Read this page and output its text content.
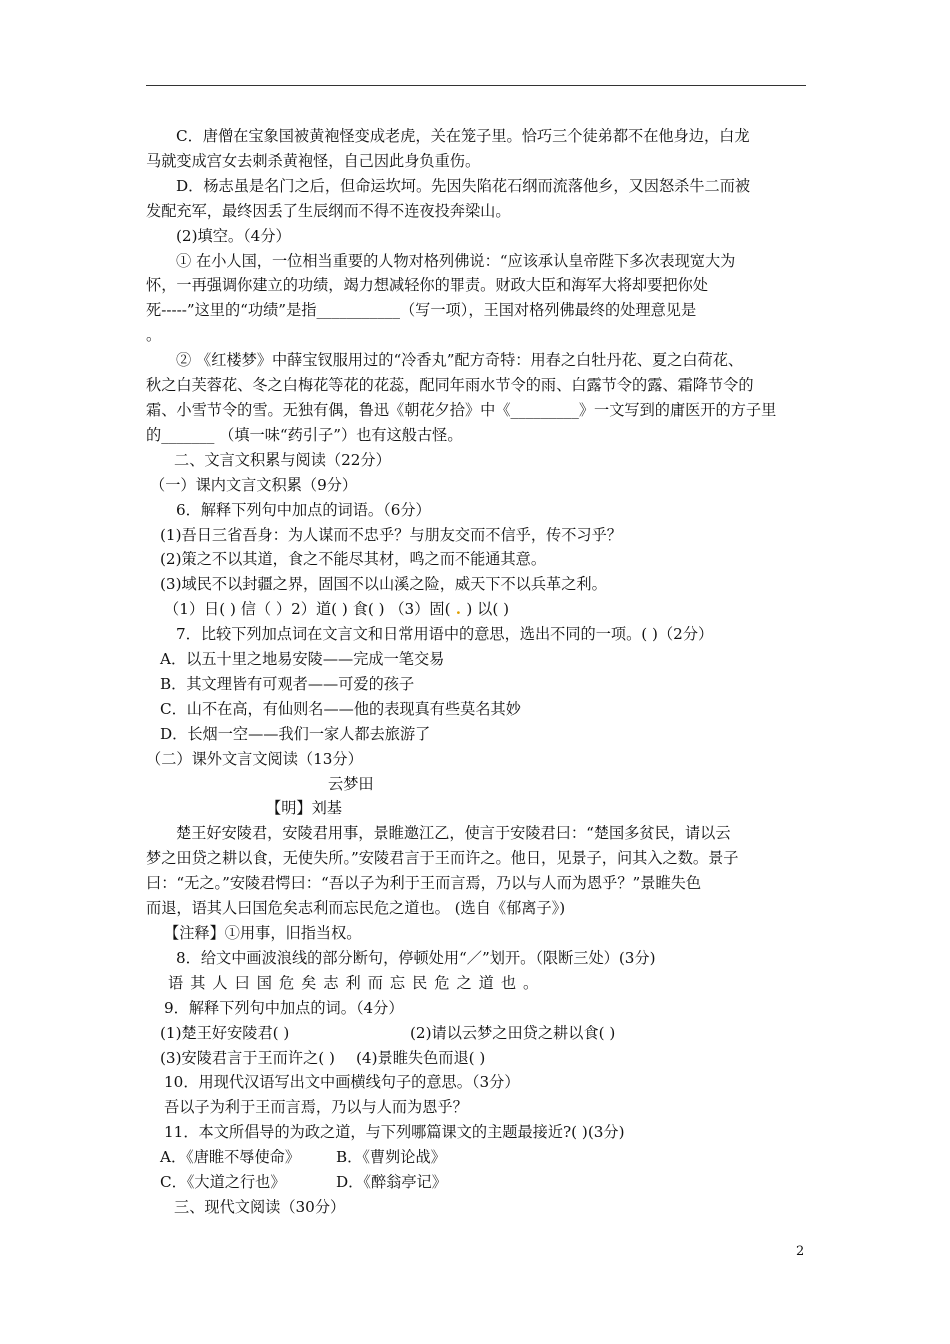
C．唐僧在宝象国被黄袍怪变成老虎，关在笼子里。恰巧三个徒弟都不在他身边，白龙
马就变成宫女去刺杀黄袍怪，自己因此身负重伤。
D．杨志虽是名门之后，但命运坎坷。先因失陷花石纲而流落他乡，又因怒杀牛二而被
发配充军，最终因丢了生辰纲而不得不连夜投奔梁山。
(2)填空。（4分）
① 在小人国，一位相当重要的人物对格列佛说：“应该承认皇帝陛下多次表现宽大为
怀，一再强调你建立的功绩，竭力想减轻你的罪责。财政大臣和海军大将却要把你处
死-----”这里的“功绩”是指___________（写一项），王国对格列佛最终的处理意见是
。
② 《红楼梦》中薛宝钗服用过的“冷香丸”配方奇特：用春之白牡丹花、夏之白荷花、
秋之白芙蓉花、冬之白梅花等花的花蕊，配同年雨水节令的雨、白露节令的露、霜降节令的
霜、小雪节令的雪。无独有偶，鲁迅《朝花夕拾》中《_________》一文写到的庸医开的方子里
的_______ （填一味“药引子”）也有这般古怪。
二、文言文积累与阅读（22分）
（一）课内文言文积累（9分）
6．解释下列句中加点的词语。（6分）
(1)吾日三省吾身：为人谋而不忠乎？与朋友交而不信乎，传不习乎？
(2)策之不以其道，食之不能尽其材，鸣之而不能通其意。
(3)域民不以封疆之界，固国不以山溪之险，威天下不以兵革之利。
（1）日( ) 信（ ）2）道( ) 食( ) （3）固( . ) 以( )
7．比较下列加点词在文言文和日常用语中的意思，选出不同的一项。( )（2分）
A．以五十里之地易安陵——完成一笔交易
B．其文理皆有可观者——可爱的孩子
C．山不在高，有仙则名——他的表现真有些莫名其妙
D．长烟一空——我们一家人都去旅游了
（二）课外文言文阅读（13分）
云梦田
【明】刘基
楚王好安陵君，安陵君用事，景睢邀江乙，使言于安陵君曰：“楚国多贫民，请以云
梦之田贷之耕以食，无使失所。”安陵君言于王而许之。他日，见景子，问其入之数。景子
曰：“无之。”安陵君愕曰：“吾以子为利于王而言焉，乃以与人而为恩乎？”景睢失色
而退，语其人曰国危矣志利而忘民危之道也。 (选自《郁离子》)
【注释】①用事，旧指当权。
8．给文中画波浪线的部分断句，停顿处用“／”划开。（限断三处）(3分)
语其人曰国危矣志利而忘民危之道也。
9．解释下列句中加点的词。（4分）
(1)楚王好安陵君( )	(2)请以云梦之田贷之耕以食( )
(3)安陵君言于王而许之( ) (4)景睢失色而退( )
10．用现代汉语写出文中画横线句子的意思。（3分）
吾以子为利于王而言焉，乃以与人而为恩乎？
11．本文所倡导的为政之道，与下列哪篇课文的主题最接近?( )(3分)
A．《唐睢不辱使命》 B．《曹刿论战》
C．《大道之行也》	D．《醉翁亭记》
三、现代文阅读（30分）
2
